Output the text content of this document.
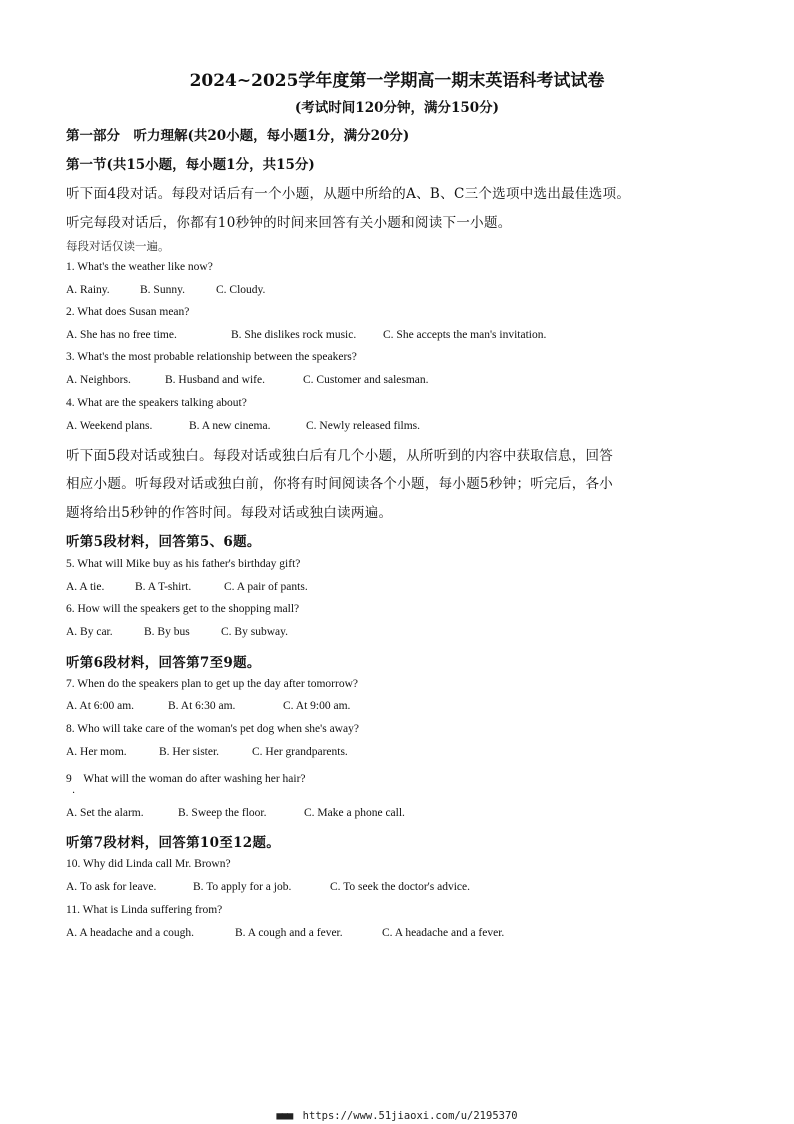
2024~2025学年度第一学期高一期末英语科考试试卷
(考试时间120分钟，满分150分)
第一部分　听力理解(共20小题，每小题1分，满分20分)
第一节(共15小题，每小题1分，共15分)
听下面4段对话。每段对话后有一个小题，从题中所给的A、B、C三个选项中选出最佳选项。
听完每段对话后，你都有10秒钟的时间来回答有关小题和阅读下一小题。
每段对话仅读一遍。
1. What's the weather like now?
A. Rainy.	B. Sunny.	C. Cloudy.
2. What does Susan mean?
A. She has no free time.	B. She dislikes rock music. C. She accepts the man's invitation.
3. What's the most probable relationship between the speakers?
A. Neighbors.	B. Husband and wife.	C. Customer and salesman.
4. What are the speakers talking about?
A. Weekend plans.	B. A new cinema.	C. Newly released films.
听下面5段对话或独白。每段对话或独白后有几个小题，从所听到的内容中获取信息，回答
相应小题。听每段对话或独白前，你将有时间阅读各个小题，每小题5秒钟；听完后，各小
题将给出5秒钟的作答时间。每段对话或独白读两遍。
听第5段材料，回答第5、6题。
5. What will Mike buy as his father's birthday gift?
A. A tie.	B. A T-shirt.	C. A pair of pants.
6. How will the speakers get to the shopping mall?
A. By car.	B. By bus	C. By subway.
听第6段材料，回答第7至9题。
7. When do the speakers plan to get up the day after tomorrow?
A. At 6:00 am.	B. At 6:30 am.	C. At 9:00 am.
8. Who will take care of the woman's pet dog when she's away?
A. Her mom.	B. Her sister.	C. Her grandparents.
9　What will the woman do after washing her hair?
·
A. Set the alarm.	B. Sweep the floor.	C. Make a phone call.
听第7段材料，回答第10至12题。
10. Why did Linda call Mr. Brown?
A. To ask for leave.	B. To apply for a job.	C. To seek the doctor's advice.
11. What is Linda suffering from?
A. A headache and a cough.	B. A cough and a fever.	C. A headache and a fever.
■■■ https://www.51jiaoxi.com/u/2195370
